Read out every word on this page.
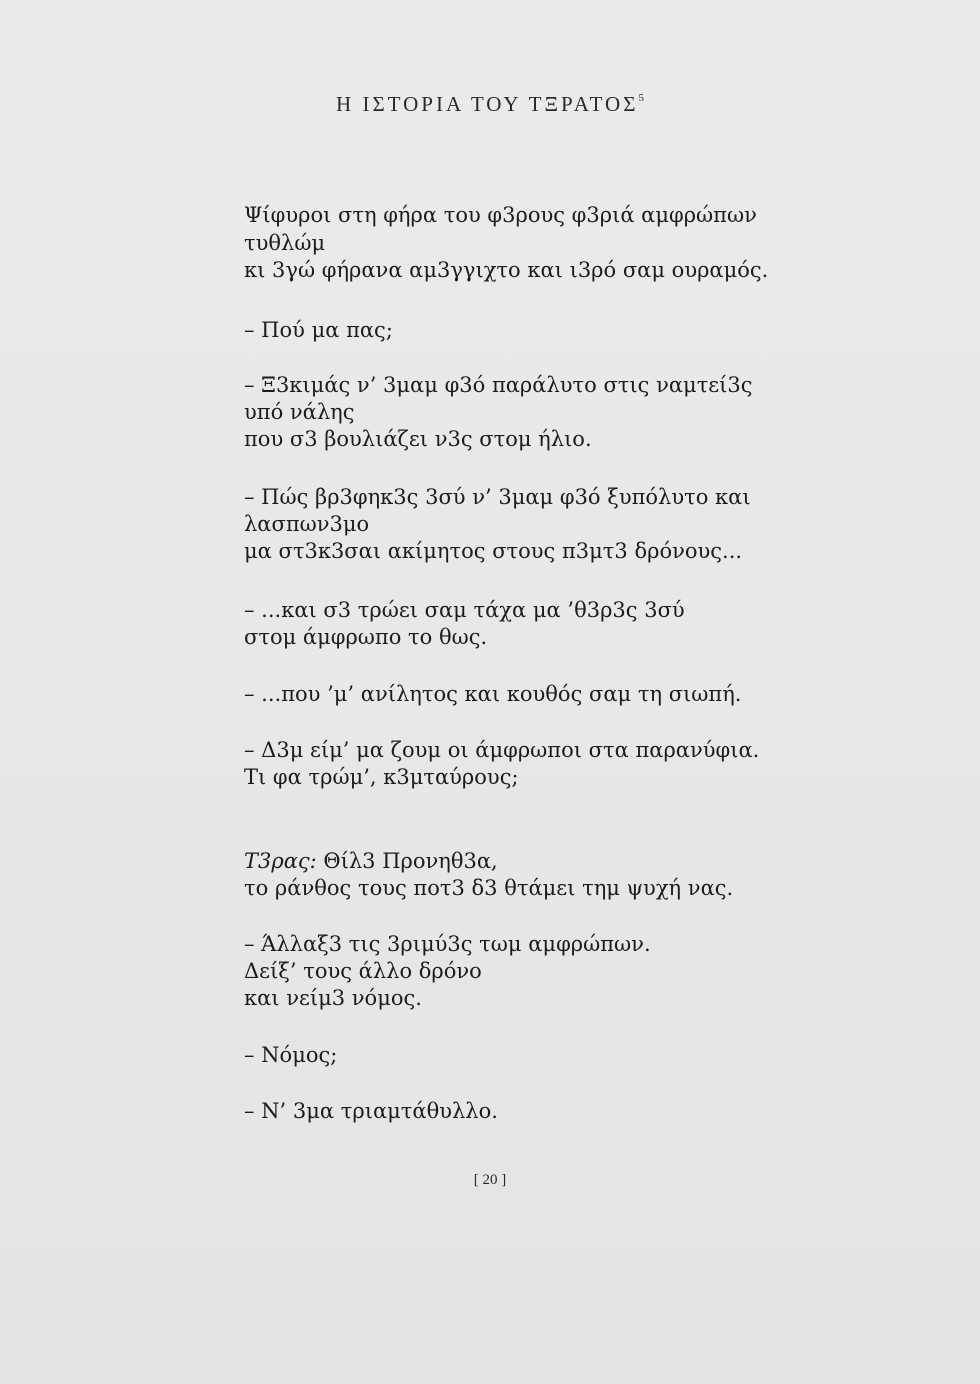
Η ΙΣΤΟΡΙΑ ΤΟΥ ΤΞΡΑΤΟΣ$^5$
Ψίφυροι στη φήρα του φ3ρους φ3ριά αμφρώπων
τυθλώμ
κι 3γώ φήρανα αμ3γγιχτο και ι3ρό σαμ ουραμός.
– Πού μα πας;
– Ξ3κιμάς ν’ 3μαμ φ3ό παράλυτο στις ναμτεί3ς
υπό νάλης
που σ3 βουλιάζει ν3ς στομ ήλιο.
– Πώς βρ3φηκ3ς 3σύ ν’ 3μαμ φ3ό ξυπόλυτο και
λασπων3μο
μα στ3κ3σαι ακίμητος στους π3μτ3 δρόνους...
– ...και σ3 τρώει σαμ τάχα μα ’θ3ρ3ς 3σύ
στομ άμφρωπο το θως.
– ...που ’μ’ ανίλητος και κουθός σαμ τη σιωπή.
– Δ3μ είμ’ μα ζουμ οι άμφρωποι στα παρανύφια.
Τι φα τρώμ’, κ3μταύρους;
Τ3ρας: Θίλ3 Προνηθ3α,
το ράνθος τους ποτ3 δ3 θτάμει τημ ψυχή νας.
– Άλλαξ3 τις 3ριμύ3ς τωμ αμφρώπων.
Δείξ’ τους άλλο δρόνο
και νείμ3 νόμος.
– Νόμος;
– Ν’ 3μα τριαμτάθυλλο.
[ 20 ]
